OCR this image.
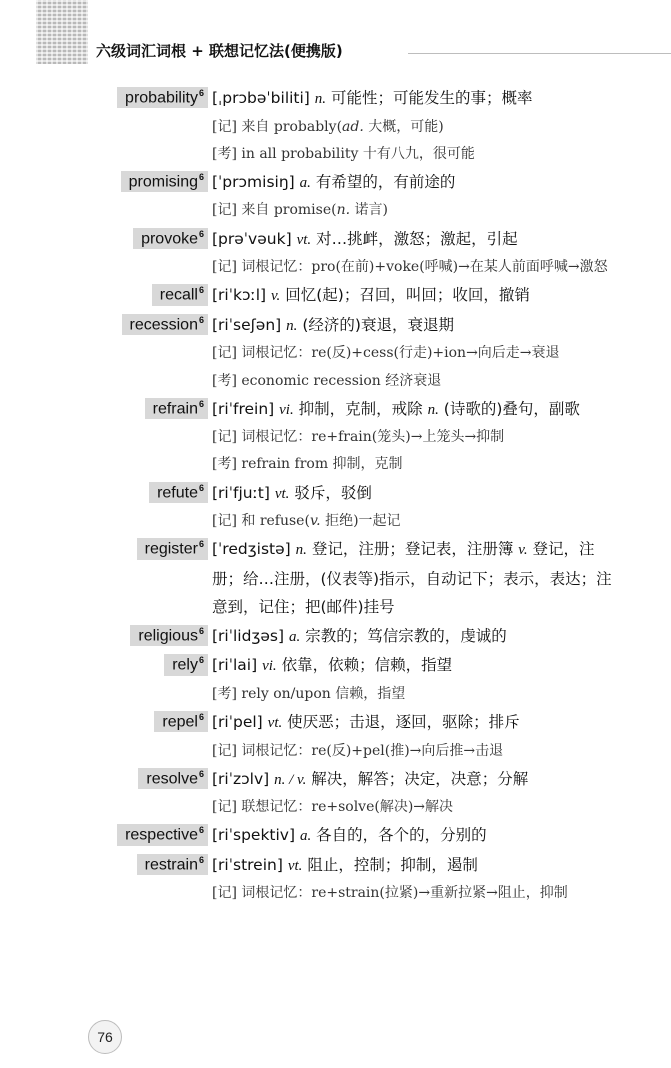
六级词汇词根 + 联想记忆法(便携版)
probability$^6$ [ˌprɔbəˈbiliti] n. 可能性；可能发生的事；概率

[记] 来自 probably(ad. 大概，可能)

[考] in all probability 十有八九，很可能

promising$^6$ [ˈprɔmisiŋ] a. 有希望的，有前途的

[记] 来自 promise(n. 诺言)

provoke$^6$ [prəˈvəuk] vt. 对…挑衅，激怒；激起，引起

[记] 词根记忆：pro(在前)+voke(呼喊)→在某人前面呼喊→激怒

recall$^6$ [riˈkɔːl] v. 回忆(起)；召回，叫回；收回，撤销

recession$^6$ [riˈseʃən] n. (经济的)衰退，衰退期

[记] 词根记忆：re(反)+cess(行走)+ion→向后走→衰退

[考] economic recession 经济衰退

refrain$^6$ [riˈfrein] vi. 抑制，克制，戒除 n. (诗歌的)叠句，副歌

[记] 词根记忆：re+frain(笼头)→上笼头→抑制

[考] refrain from 抑制，克制

refute$^6$ [riˈfjuːt] vt. 驳斥，驳倒

[记] 和 refuse(v. 拒绝)一起记

register$^6$ [ˈredʒistə] n. 登记，注册；登记表，注册簿 v. 登记，注册；给…注册，(仪表等)指示，自动记下；表示，表达；注意到，记住；把(邮件)挂号

religious$^6$ [riˈlidʒəs] a. 宗教的；笃信宗教的，虔诚的

rely$^6$ [riˈlai] vi. 依靠，依赖；信赖，指望

[考] rely on/upon 信赖，指望

repel$^6$ [riˈpel] vt. 使厌恶；击退，逐回，驱除；排斥

[记] 词根记忆：re(反)+pel(推)→向后推→击退

resolve$^6$ [riˈzɔlv] n. / v. 解决，解答；决定，决意；分解

[记] 联想记忆：re+solve(解决)→解决

respective$^6$ [riˈspektiv] a. 各自的，各个的，分别的

restrain$^6$ [riˈstrein] vt. 阻止，控制；抑制，遏制

[记] 词根记忆：re+strain(拉紧)→重新拉紧→阻止，抑制

76
